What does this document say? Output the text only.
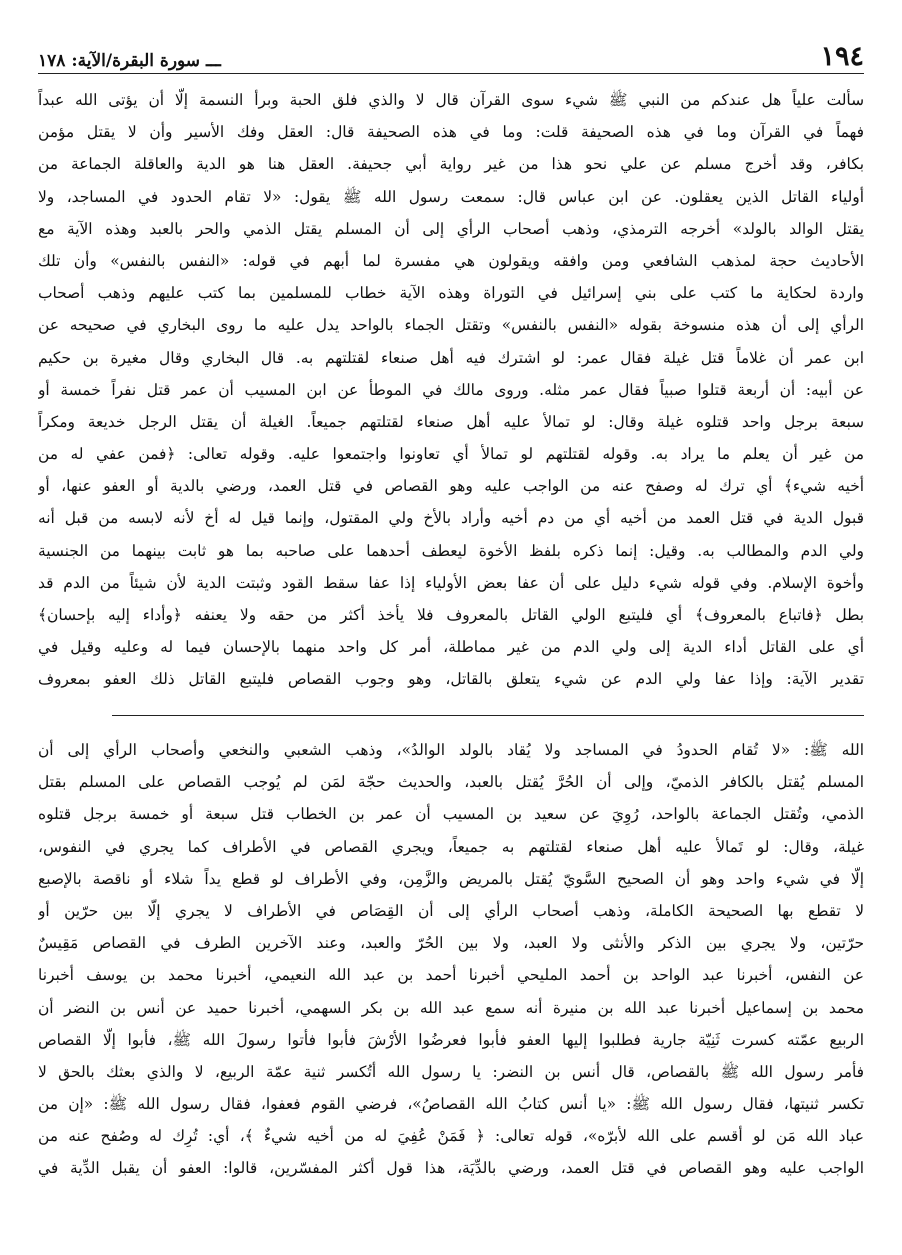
١٩٤
ـــ سورة البقرة/الآية: ١٧٨
سألت علياً هل عندكم من النبي ﷺ شيء سوى القرآن قال لا والذي فلق الحبة وبرأ النسمة إلّا أن يؤتى الله عبداً
فهماً في القرآن وما في هذه الصحيفة قلت: وما في هذه الصحيفة قال: العقل وفك الأسير وأن لا يقتل مؤمن
بكافر، وقد أخرج مسلم عن علي نحو هذا من غير رواية أبي جحيفة. العقل هنا هو الدية والعاقلة الجماعة من
أولياء القاتل الذين يعقلون. عن ابن عباس قال: سمعت رسول الله ﷺ يقول: «لا تقام الحدود في المساجد، ولا
يقتل الوالد بالولد» أخرجه الترمذي، وذهب أصحاب الرأي إلى أن المسلم يقتل الذمي والحر بالعبد وهذه الآية مع
الأحاديث حجة لمذهب الشافعي ومن وافقه ويقولون هي مفسرة لما أبهم في قوله: «النفس بالنفس» وأن تلك
واردة لحكاية ما كتب على بني إسرائيل في التوراة وهذه الآية خطاب للمسلمين بما كتب عليهم وذهب أصحاب
الرأي إلى أن هذه منسوخة بقوله «النفس بالنفس» وتقتل الجماء بالواحد يدل عليه ما روى البخاري في صحيحه عن
ابن عمر أن غلاماً قتل غيلة فقال عمر: لو اشترك فيه أهل صنعاء لقتلتهم به. قال البخاري وقال مغيرة بن حكيم
عن أبيه: أن أربعة قتلوا صبياً فقال عمر مثله. وروى مالك في الموطأ عن ابن المسيب أن عمر قتل نفراً خمسة أو
سبعة برجل واحد قتلوه غيلة وقال: لو تمالأ عليه أهل صنعاء لقتلتهم جميعاً. الغيلة أن يقتل الرجل خديعة ومكراً
من غير أن يعلم ما يراد به. وقوله لقتلتهم لو تمالأ أي تعاونوا واجتمعوا عليه. وقوله تعالى: ﴿فمن عفي له من
أخيه شيء﴾ أي ترك له وصفح عنه من الواجب عليه وهو القصاص في قتل العمد، ورضي بالدية أو العفو عنها، أو
قبول الدية في قتل العمد من أخيه أي من دم أخيه وأراد بالأخ ولي المقتول، وإنما قيل له أخ لأنه لابسه من قبل أنه
ولي الدم والمطالب به. وقيل: إنما ذكره بلفظ الأخوة ليعطف أحدهما على صاحبه بما هو ثابت بينهما من الجنسية
وأخوة الإسلام. وفي قوله شيء دليل على أن عفا بعض الأولياء إذا عفا سقط القود وثبتت الدية لأن شيئاً من الدم قد
بطل ﴿فاتباع بالمعروف﴾ أي فليتبع الولي القاتل بالمعروف فلا يأخذ أكثر من حقه ولا يعنفه ﴿وأداء إليه بإحسان﴾
أي على القاتل أداء الدية إلى ولي الدم من غير مماطلة، أمر كل واحد منهما بالإحسان فيما له وعليه وقيل في
تقدير الآية: وإذا عفا ولي الدم عن شيء يتعلق بالقاتل، وهو وجوب القصاص فليتبع القاتل ذلك العفو بمعروف
الله ﷺ: «لا تُقام الحدودُ في المساجد ولا يُقاد بالولد الوالدُ»، وذهب الشعبي والنخعي وأصحاب الرأي إلى أن
المسلم يُقتل بالكافر الذميّ، وإلى أن الحُرَّ يُقتل بالعبد، والحديث حجّة لمَن لم يُوجب القصاص على المسلم بقتل
الذمي، وتُقتل الجماعة بالواحد، رُوِيَ عن سعيد بن المسيب أن عمر بن الخطاب قتل سبعة أو خمسة برجل قتلوه
غيلة، وقال: لو تَمالأ عليه أهل صنعاء لقتلتهم به جميعاً، ويجري القصاص في الأطراف كما يجري في النفوس،
إلّا في شيء واحد وهو أن الصحيح السَّويّ يُقتل بالمريض والزَّمِن، وفي الأطراف لو قطع يداً شلاء أو ناقصة بالإصبع
لا تقطع بها الصحيحة الكاملة، وذهب أصحاب الرأي إلى أن القِصَاص في الأطراف لا يجري إلّا بين حرّين أو
حرّتين، ولا يجري بين الذكر والأنثى ولا العبد، ولا بين الحُرّ والعبد، وعند الآخرين الطرف في القصاص مَقِيسٌ
عن النفس، أخبرنا عبد الواحد بن أحمد المليحي أخبرنا أحمد بن عبد الله النعيمي، أخبرنا محمد بن يوسف أخبرنا
محمد بن إسماعيل أخبرنا عبد الله بن منيرة أنه سمع عبد الله بن بكر السهمي، أخبرنا حميد عن أنس بن النضر أن
الربيع عمّته كسرت ثَنِيّة جارية فطلبوا إليها العفو فأبوا فعرضُوا الأرْشَ فأبوا فأتوا رسولَ الله ﷺ، فأبوا إلّا القصاص
فأمر رسول الله ﷺ بالقصاص، قال أنس بن النضر: يا رسول الله أتُكسر ثنية عمّة الربيع، لا والذي بعثك بالحق لا
تكسر ثنيتها، فقال رسول الله ﷺ: «يا أنس كتابُ الله القصاصُ»، فرضي القوم فعفوا، فقال رسول الله ﷺ: «إن من
عباد الله مَن لو أقسم على الله لأبرّه»، قوله تعالى: ﴿ فَمَنْ عُفِيَ له من أخيه شيءٌ ﴾، أي: تُرِك له وصُفح عنه من
الواجب عليه وهو القصاص في قتل العمد، ورضي بالدِّيَة، هذا قول أكثر المفسّرين، قالوا: العفو أن يقبل الدِّية في
